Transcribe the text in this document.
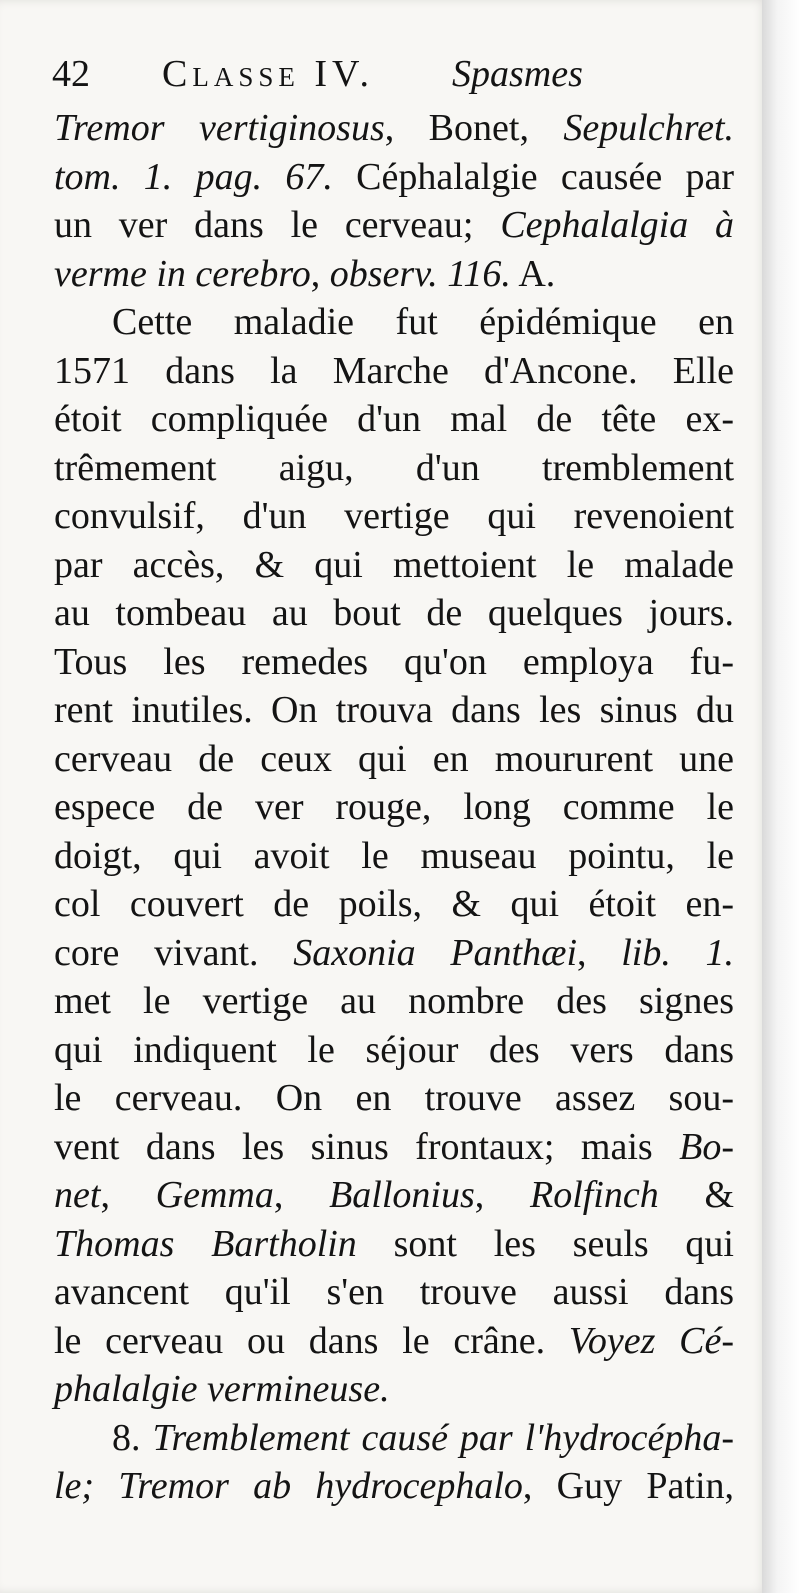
42 Classe IV. Spasmes
Tremor vertiginosus, Bonet, Sepulchret.
tom. 1. pag. 67. Céphalalgie causée par
un ver dans le cerveau; Cephalalgia à
verme in cerebro, observ. 116. A.
Cette maladie fut épidémique en
1571 dans la Marche d'Ancone. Elle
étoit compliquée d'un mal de tête ex-
trêmement aigu, d'un tremblement
convulsif, d'un vertige qui revenoient
par accès, & qui mettoient le malade
au tombeau au bout de quelques jours.
Tous les remedes qu'on employa fu-
rent inutiles. On trouva dans les sinus du
cerveau de ceux qui en moururent une
espece de ver rouge, long comme le
doigt, qui avoit le museau pointu, le
col couvert de poils, & qui étoit en-
core vivant. Saxonia Panthæi, lib. 1.
met le vertige au nombre des signes
qui indiquent le séjour des vers dans
le cerveau. On en trouve assez sou-
vent dans les sinus frontaux; mais Bo-
net, Gemma, Ballonius, Rolfinch &
Thomas Bartholin sont les seuls qui
avancent qu'il s'en trouve aussi dans
le cerveau ou dans le crâne. Voyez Cé-
phalalgie vermineuse.
8. Tremblement causé par l'hydrocépha-
le; Tremor ab hydrocephalo, Guy Patin,
